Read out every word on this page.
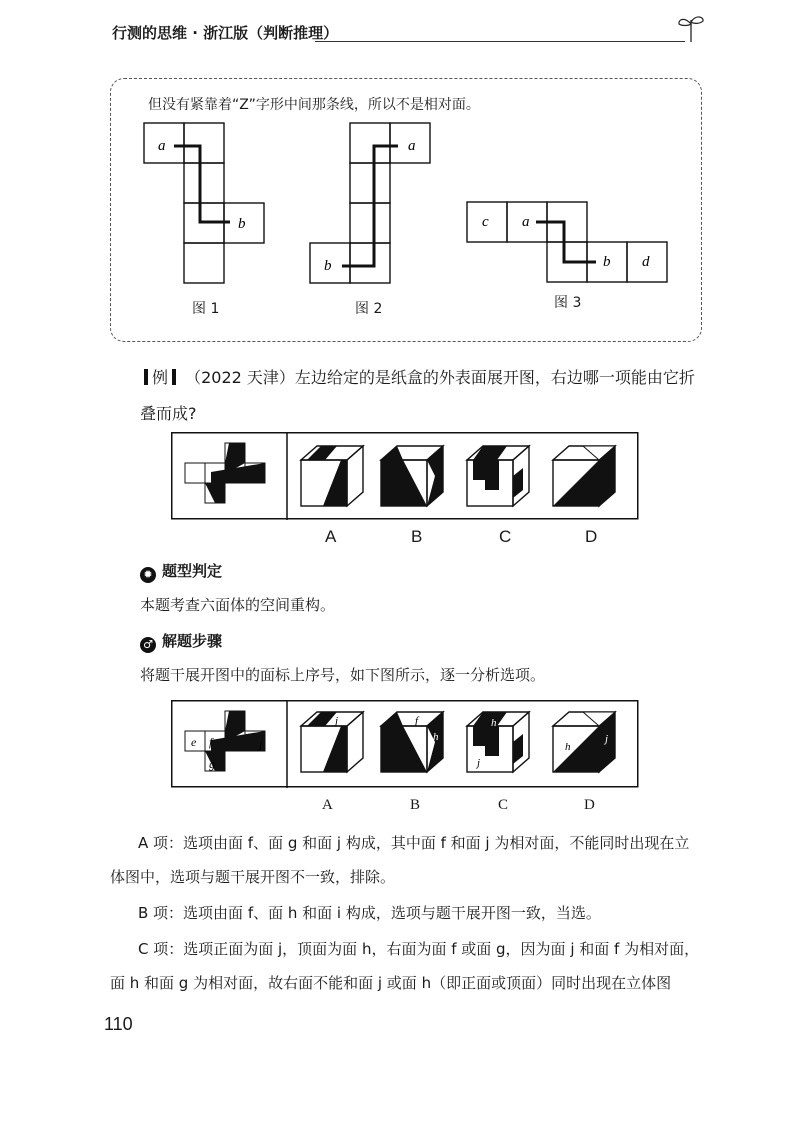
行测的思维 · 浙江版（判断推理）
但没有紧靠着“Z”字形中间那条线，所以不是相对面。
a
b
a
b
c a
b d
图 1	图 2	图 3
例 （2022 天津）左边给定的是纸盒的外表面展开图，右边哪一项能由它折叠而成?
A	B	C	D
✹ 题型判定
本题考查六面体的空间重构。
♂ 解题步骤
将题干展开图中的面标上序号，如下图所示，逐一分析选项。
e f
h
j
g
j	f
h
h
j
h
j
A	B	C	D
A 项：选项由面 f、面 g 和面 j 构成，其中面 f 和面 j 为相对面，不能同时出现在立体图中，选项与题干展开图不一致，排除。
B 项：选项由面 f、面 h 和面 i 构成，选项与题干展开图一致，当选。
C 项：选项正面为面 j，顶面为面 h，右面为面 f 或面 g，因为面 j 和面 f 为相对面，面 h 和面 g 为相对面，故右面不能和面 j 或面 h（即正面或顶面）同时出现在立体图
110
